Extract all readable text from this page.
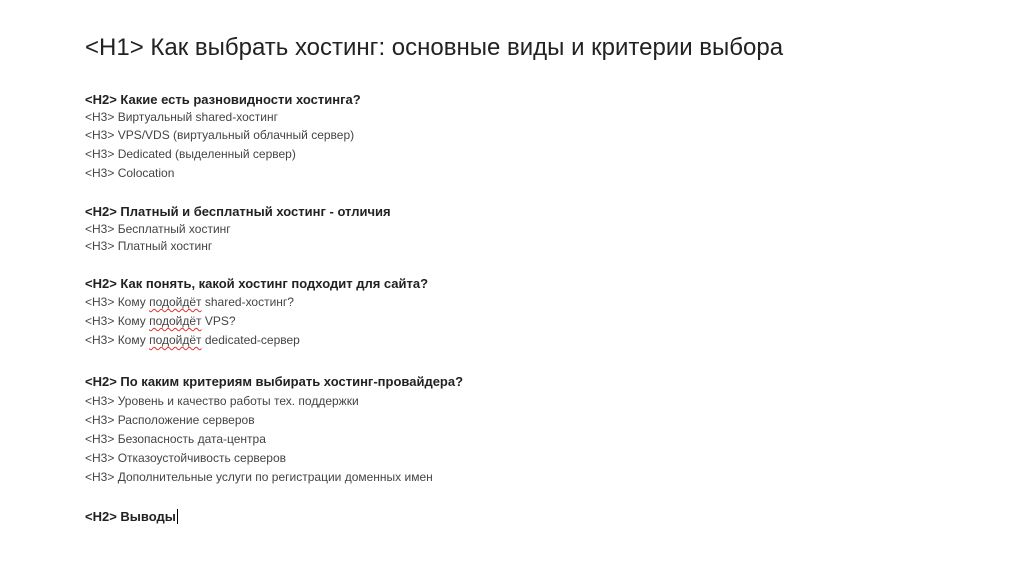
<H1> Как выбрать хостинг: основные виды и критерии выбора
<H2> Какие есть разновидности хостинга?
<H3> Виртуальный shared-хостинг
<H3> VPS/VDS (виртуальный облачный сервер)
<H3> Dedicated (выделенный сервер)
<H3> Colocation
<H2> Платный и бесплатный хостинг - отличия
<H3> Бесплатный хостинг
<H3> Платный хостинг
<H2> Как понять, какой хостинг подходит для сайта?
<H3> Кому подойдёт shared-хостинг?
<H3> Кому подойдёт VPS?
<H3> Кому подойдёт dedicated-сервер
<H2> По каким критериям выбирать хостинг-провайдера?
<H3> Уровень и качество работы тех. поддержки
<H3> Расположение серверов
<H3> Безопасность дата-центра
<H3> Отказоустойчивость серверов
<H3> Дополнительные услуги по регистрации доменных имен
<H2> Выводы
